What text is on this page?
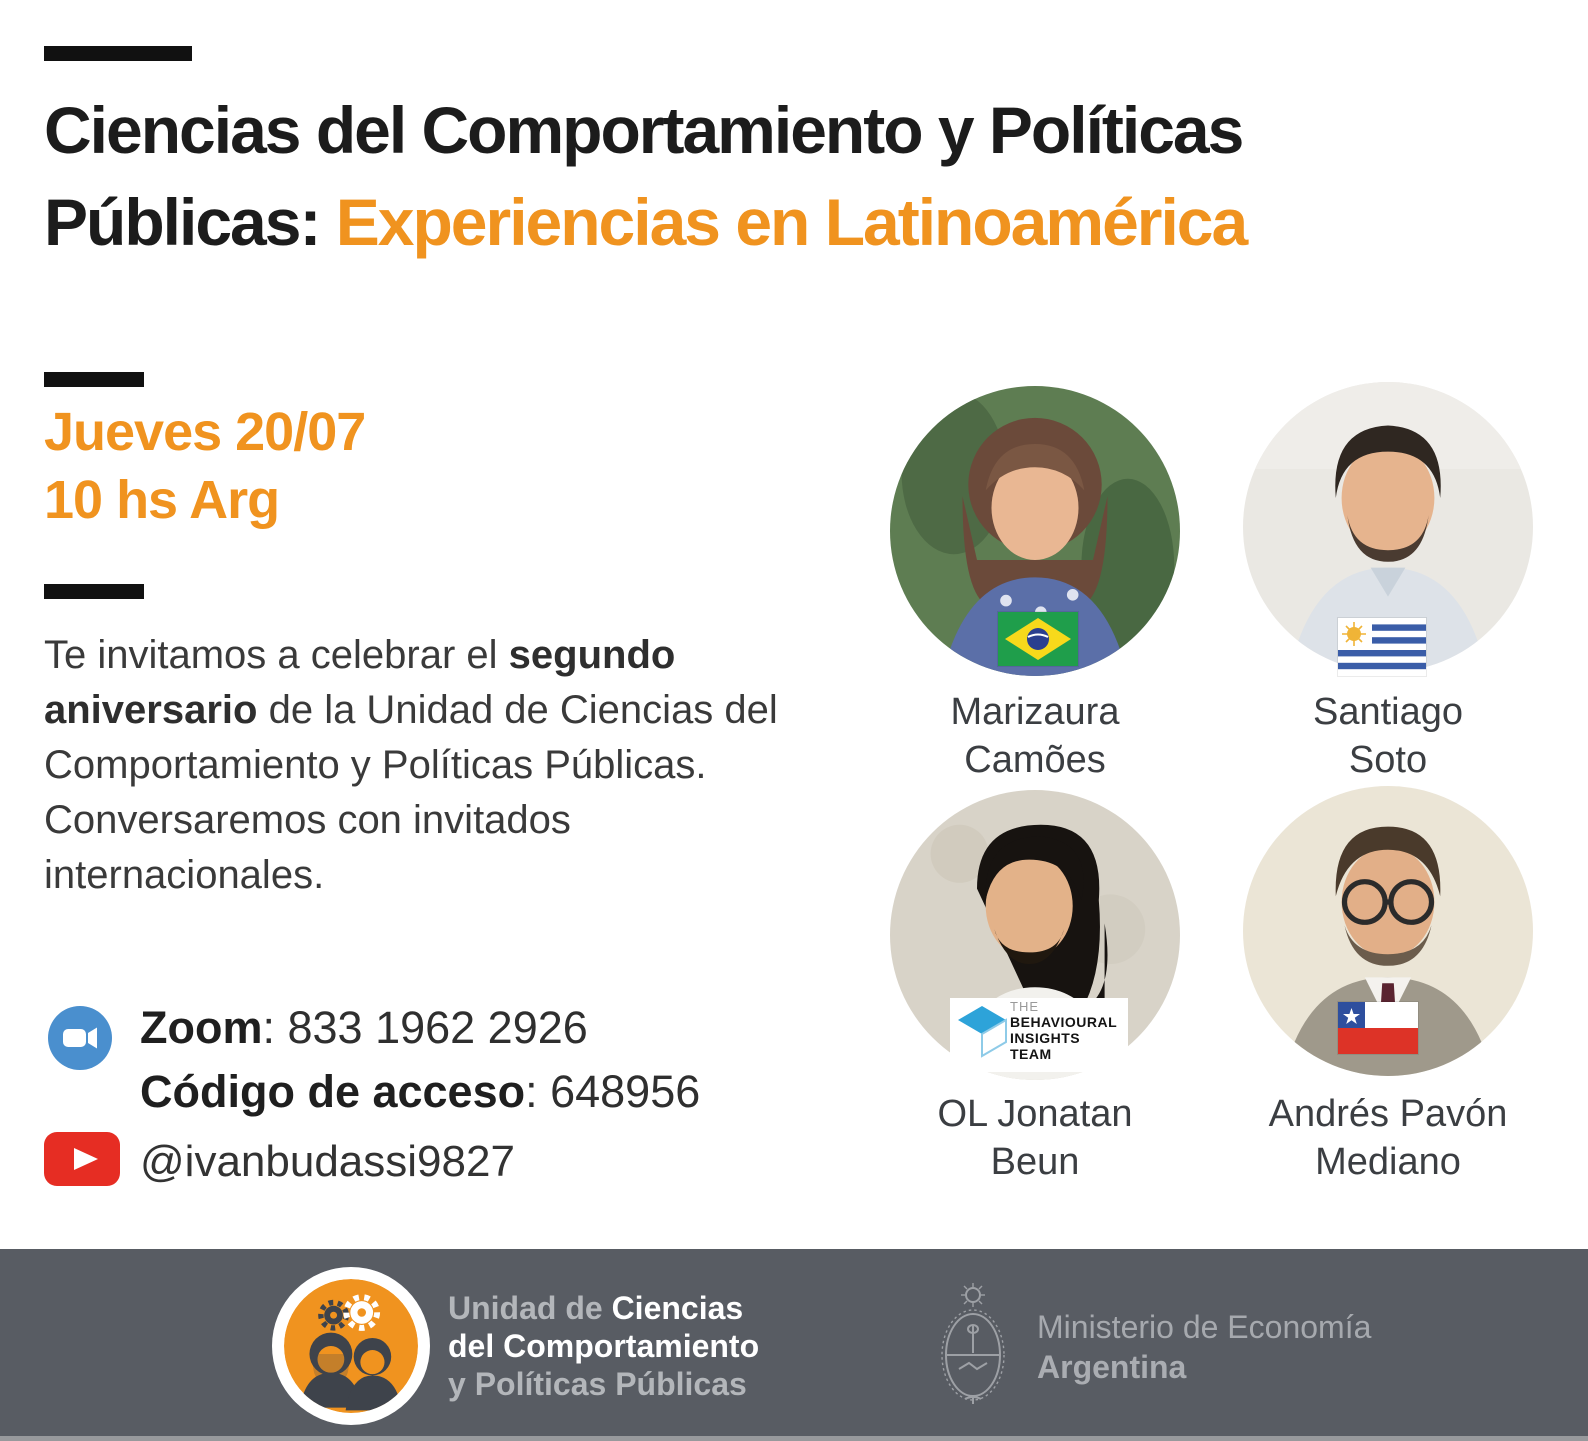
Ciencias del Comportamiento y Políticas
Públicas: Experiencias en Latinoamérica
Jueves 20/07
10 hs Arg

Te invitamos a celebrar el segundo aniversario de la Unidad de Ciencias del Comportamiento y Políticas Públicas. Conversaremos con invitados internacionales.

Zoom: 833 1962 2926
Código de acceso: 648956
@ivanbudassi9827
Marizaura
Camões
Santiago
Soto
THE
BEHAVIOURAL
INSIGHTS
TEAM
OL Jonatan
Beun
Andrés Pavón
Mediano
Unidad de Ciencias
del Comportamiento
y Políticas Públicas
Ministerio de Economía
Argentina
